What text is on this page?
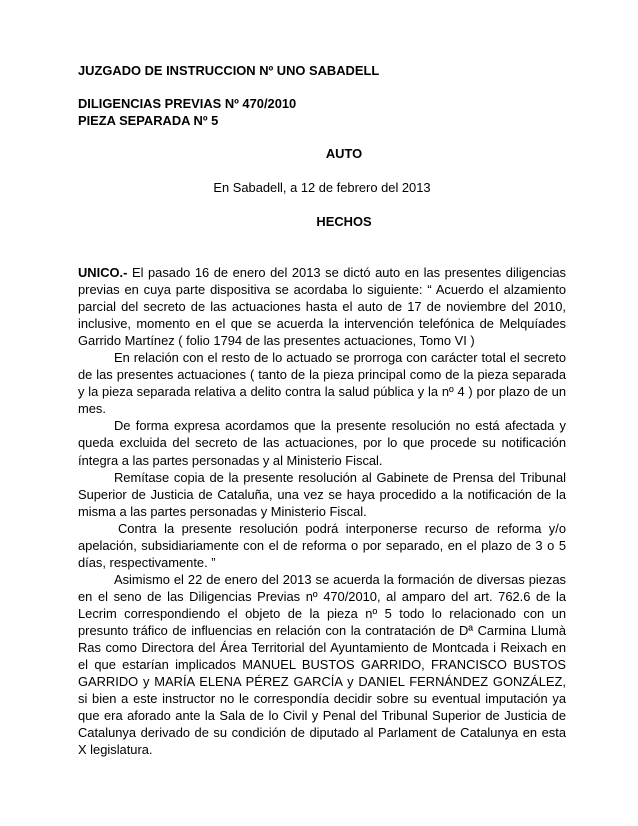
JUZGADO DE INSTRUCCION Nº UNO SABADELL

DILIGENCIAS PREVIAS Nº 470/2010

PIEZA SEPARADA Nº 5

AUTO

En Sabadell, a 12 de febrero del 2013

HECHOS

UNICO.- El pasado 16 de enero del 2013 se dictó auto en las presentes diligencias previas en cuya parte dispositiva se acordaba lo siguiente: “ Acuerdo el alzamiento parcial del secreto de las actuaciones hasta el auto de 17 de noviembre del 2010, inclusive, momento en el que se acuerda la intervención telefónica de Melquíades Garrido Martínez ( folio 1794 de las presentes actuaciones, Tomo VI )

En relación con el resto de lo actuado se prorroga con carácter total el secreto de las presentes actuaciones ( tanto de la pieza principal como de la pieza separada y la pieza separada relativa a delito contra la salud pública y la nº 4 ) por plazo de un mes.

De forma expresa acordamos que la presente resolución no está afectada y queda excluida del secreto de las actuaciones, por lo que procede su notificación íntegra a las partes personadas y al Ministerio Fiscal.

Remítase copia de la presente resolución al Gabinete de Prensa del Tribunal Superior de Justicia de Cataluña, una vez se haya procedido a la notificación de la misma a las partes personadas y Ministerio Fiscal.

Contra la presente resolución podrá interponerse recurso de reforma y/o apelación, subsidiariamente con el de reforma o por separado, en el plazo de 3 o 5 días, respectivamente. ”

Asimismo el 22 de enero del 2013 se acuerda la formación de diversas piezas en el seno de las Diligencias Previas nº 470/2010, al amparo del art. 762.6 de la Lecrim correspondiendo el objeto de la pieza nº 5 todo lo relacionado con un presunto tráfico de influencias en relación con la contratación de Dª Carmina Llumà Ras como Directora del Área Territorial del Ayuntamiento de Montcada i Reixach en el que estarían implicados MANUEL BUSTOS GARRIDO, FRANCISCO BUSTOS GARRIDO y MARÍA ELENA PÉREZ GARCÍA y DANIEL FERNÁNDEZ GONZÁLEZ, si bien a este instructor no le correspondía decidir sobre su eventual imputación ya que era aforado ante la Sala de lo Civil y Penal del Tribunal Superior de Justicia de Catalunya derivado de su condición de diputado al Parlament de Catalunya en esta X legislatura.
